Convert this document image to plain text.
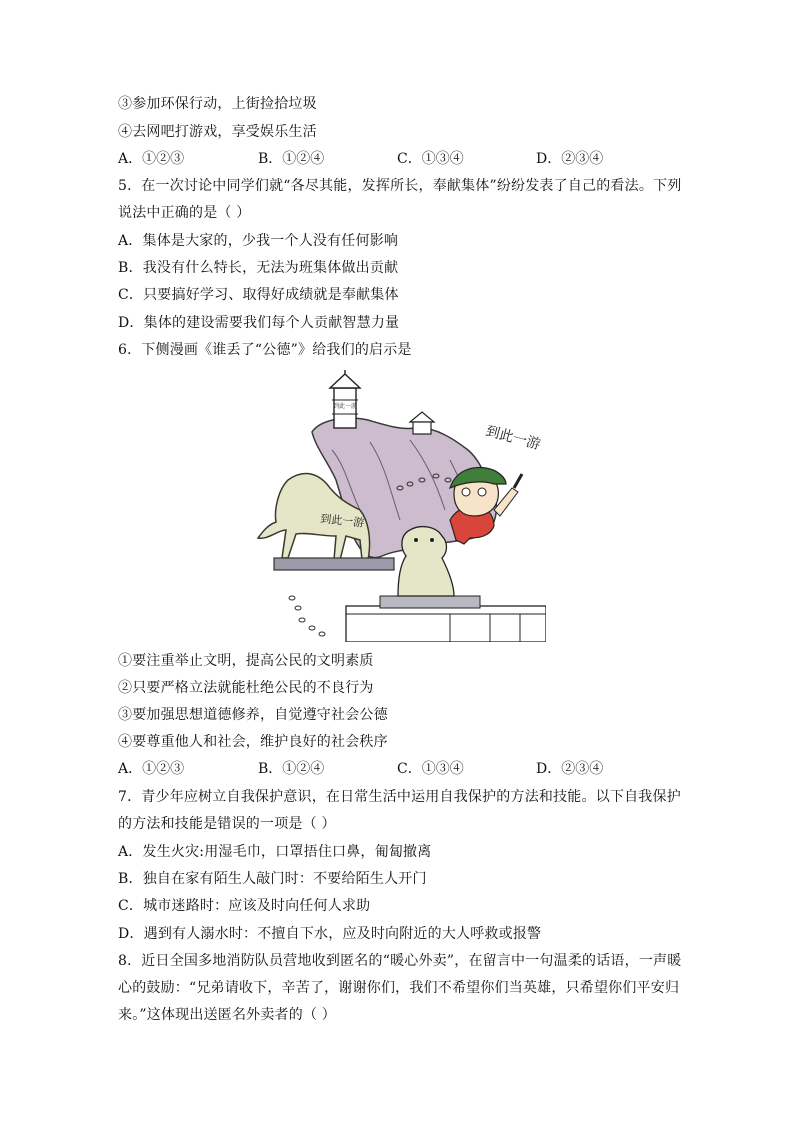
③参加环保行动，上街捡拾垃圾
④去网吧打游戏，享受娱乐生活
A．①②③	B．①②④	C．①③④	D．②③④
5．在一次讨论中同学们就“各尽其能，发挥所长，奉献集体”纷纷发表了自己的看法。下列
说法中正确的是（ ）
A．集体是大家的，少我一个人没有任何影响
B．我没有什么特长，无法为班集体做出贡献
C．只要搞好学习、取得好成绩就是奉献集体
D．集体的建设需要我们每个人贡献智慧力量
6．下侧漫画《谁丢了“公德”》给我们的启示是
到此一游
到此一游
到此一游
①要注重举止文明，提高公民的文明素质
②只要严格立法就能杜绝公民的不良行为
③要加强思想道德修养，自觉遵守社会公德
④要尊重他人和社会，维护良好的社会秩序
A．①②③	B．①②④	C．①③④	D．②③④
7．青少年应树立自我保护意识，在日常生活中运用自我保护的方法和技能。以下自我保护
的方法和技能是错误的一项是（ ）
A．发生火灾:用湿毛巾，口罩捂住口鼻，匍匐撤离
B．独自在家有陌生人敲门时：不要给陌生人开门
C．城市迷路时：应该及时向任何人求助
D．遇到有人溺水时：不擅自下水，应及时向附近的大人呼救或报警
8．近日全国多地消防队员营地收到匿名的“暖心外卖”，在留言中一句温柔的话语，一声暖
心的鼓励：“兄弟请收下，辛苦了，谢谢你们，我们不希望你们当英雄，只希望你们平安归
来。”这体现出送匿名外卖者的（ ）
